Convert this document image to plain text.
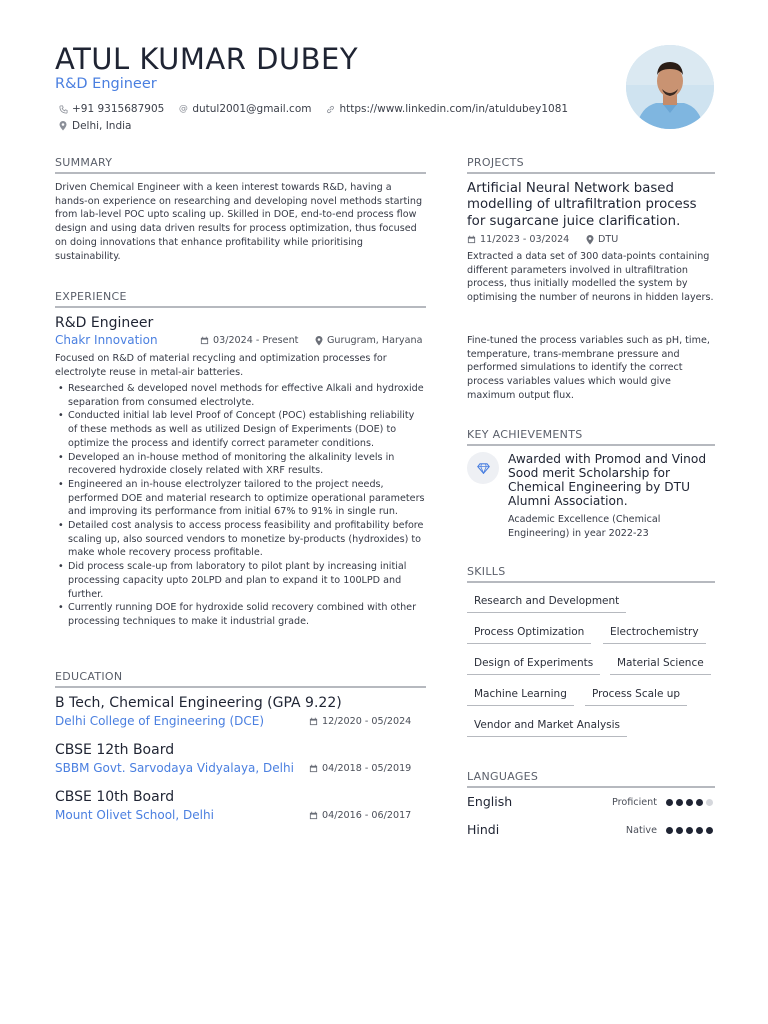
ATUL KUMAR DUBEY
R&D Engineer
+91 9315687905 @ dutul2001@gmail.com	https://www.linkedin.com/in/atuldubey1081
Delhi, India
SUMMARY
Driven Chemical Engineer with a keen interest towards R&D, having a hands-on experience on researching and developing novel methods starting from lab-level POC upto scaling up. Skilled in DOE, end-to-end process flow design and using data driven results for process optimization, thus focused on doing innovations that enhance profitability while prioritising sustainability.
EXPERIENCE
R&D Engineer
Chakr Innovation	03/2024 - Present	Gurugram, Haryana
Focused on R&D of material recycling and optimization processes for electrolyte reuse in metal-air batteries.
• Researched & developed novel methods for effective Alkali and hydroxide separation from consumed electrolyte.
• Conducted initial lab level Proof of Concept (POC) establishing reliability of these methods as well as utilized Design of Experiments (DOE) to optimize the process and identify correct parameter conditions.
• Developed an in-house method of monitoring the alkalinity levels in recovered hydroxide closely related with XRF results.
• Engineered an in-house electrolyzer tailored to the project needs, performed DOE and material research to optimize operational parameters and improving its performance from initial 67% to 91% in single run.
• Detailed cost analysis to access process feasibility and profitability before scaling up, also sourced vendors to monetize by-products (hydroxides) to make whole recovery process profitable.
• Did process scale-up from laboratory to pilot plant by increasing initial processing capacity upto 20LPD and plan to expand it to 100LPD and further.
• Currently running DOE for hydroxide solid recovery combined with other processing techniques to make it industrial grade.
EDUCATION
B Tech, Chemical Engineering (GPA 9.22)
Delhi College of Engineering (DCE)	12/2020 - 05/2024
CBSE 12th Board
SBBM Govt. Sarvodaya Vidyalaya, Delhi	04/2018 - 05/2019
CBSE 10th Board
Mount Olivet School, Delhi	04/2016 - 06/2017
PROJECTS
Artificial Neural Network based modelling of ultrafiltration process for sugarcane juice clarification.
11/2023 - 03/2024	DTU
Extracted a data set of 300 data-points containing different parameters involved in ultrafiltration process, thus initially modelled the system by optimising the number of neurons in hidden layers.
Fine-tuned the process variables such as pH, time, temperature, trans-membrane pressure and performed simulations to identify the correct process variables values which would give maximum output flux.
KEY ACHIEVEMENTS
Awarded with Promod and Vinod Sood merit Scholarship for Chemical Engineering by DTU Alumni Association.
Academic Excellence (Chemical Engineering) in year 2022-23
SKILLS
Research and Development
Process Optimization	Electrochemistry
Design of Experiments	Material Science
Machine Learning	Process Scale up
Vendor and Market Analysis
LANGUAGES
English	Proficient
Hindi	Native
